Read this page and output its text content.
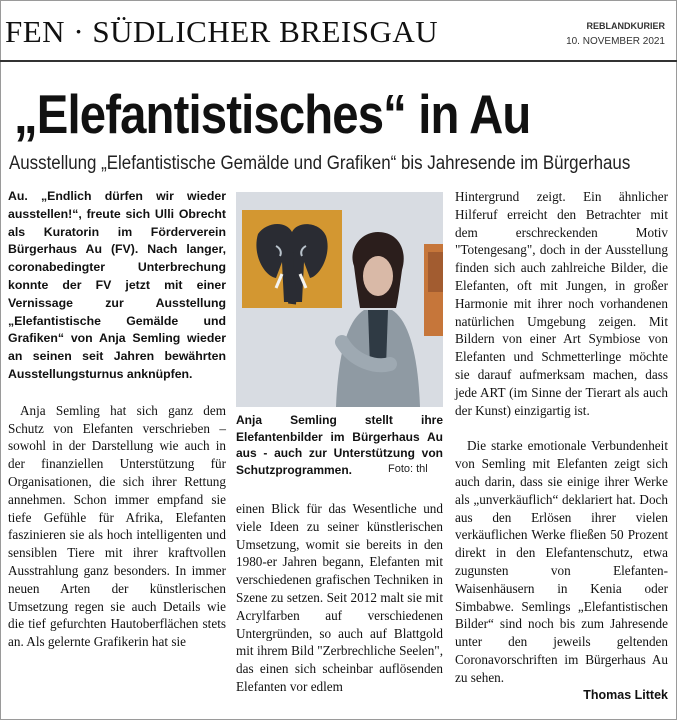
FEN · SÜDLICHER BREISGAU	REBLANDKURIER
10. NOVEMBER 2021
„Elefantistisches“ in Au
Ausstellung „Elefantistische Gemälde und Grafiken“ bis Jahresende im Bürgerhaus

Au. „Endlich dürfen wir wieder ausstellen!“, freute sich Ulli Obrecht als Kuratorin im Förderverein Bürgerhaus Au (FV). Nach langer, coronabedingter Unterbrechung konnte der FV jetzt mit einer Vernissage zur Ausstellung „Elefantistische Gemälde und Grafiken“ von Anja Semling wieder an seinen seit Jahren bewährten Ausstellungsturnus anknüpfen.

Anja Semling hat sich ganz dem Schutz von Elefanten verschrieben – sowohl in der Darstellung wie auch in der finanziellen Unterstützung für Organisationen, die sich ihrer Rettung annehmen. Schon immer empfand sie tiefe Gefühle für Afrika, Elefanten faszinieren sie als hoch intelligenten und sensiblen Tiere mit ihrer kraftvollen Ausstrahlung ganz besonders. In immer neuen Arten der künstlerischen Umsetzung regen sie auch Details wie die tief gefurchten Hautoberflächen stets an. Als gelernte Grafikerin hat sie

Anja Semling stellt ihre Elefantenbilder im Bürgerhaus Au aus - auch zur Unterstützung von Schutzprogrammen.	Foto: thl

einen Blick für das Wesentliche und viele Ideen zu seiner künstlerischen Umsetzung, womit sie bereits in den 1980-er Jahren begann, Elefanten mit verschiedenen grafischen Techniken in Szene zu setzen. Seit 2012 malt sie mit Acrylfarben auf verschiedenen Untergründen, so auch auf Blattgold mit ihrem Bild "Zerbrechliche Seelen", das einen sich scheinbar auflösenden Elefanten vor edlem

Hintergrund zeigt. Ein ähnlicher Hilferuf erreicht den Betrachter mit dem erschreckenden Motiv "Totengesang", doch in der Ausstellung finden sich auch zahlreiche Bilder, die Elefanten, oft mit Jungen, in großer Harmonie mit ihrer noch vorhandenen natürlichen Umgebung zeigen. Mit Bildern von einer Art Symbiose von Elefanten und Schmetterlinge möchte sie darauf aufmerksam machen, dass jede ART (im Sinne der Tierart als auch der Kunst) einzigartig ist.

Die starke emotionale Verbundenheit von Semling mit Elefanten zeigt sich auch darin, dass sie einige ihrer Werke als „unverkäuflich“ deklariert hat. Doch aus den Erlösen ihrer vielen verkäuflichen Werke fließen 50 Prozent direkt in den Elefantenschutz, etwa zugunsten von Elefanten-Waisenhäusern in Kenia oder Simbabwe. Semlings „Elefantistischen Bilder“ sind noch bis zum Jahresende unter den jeweils geltenden Coronavorschriften im Bürgerhaus Au zu sehen.

Thomas Littek
